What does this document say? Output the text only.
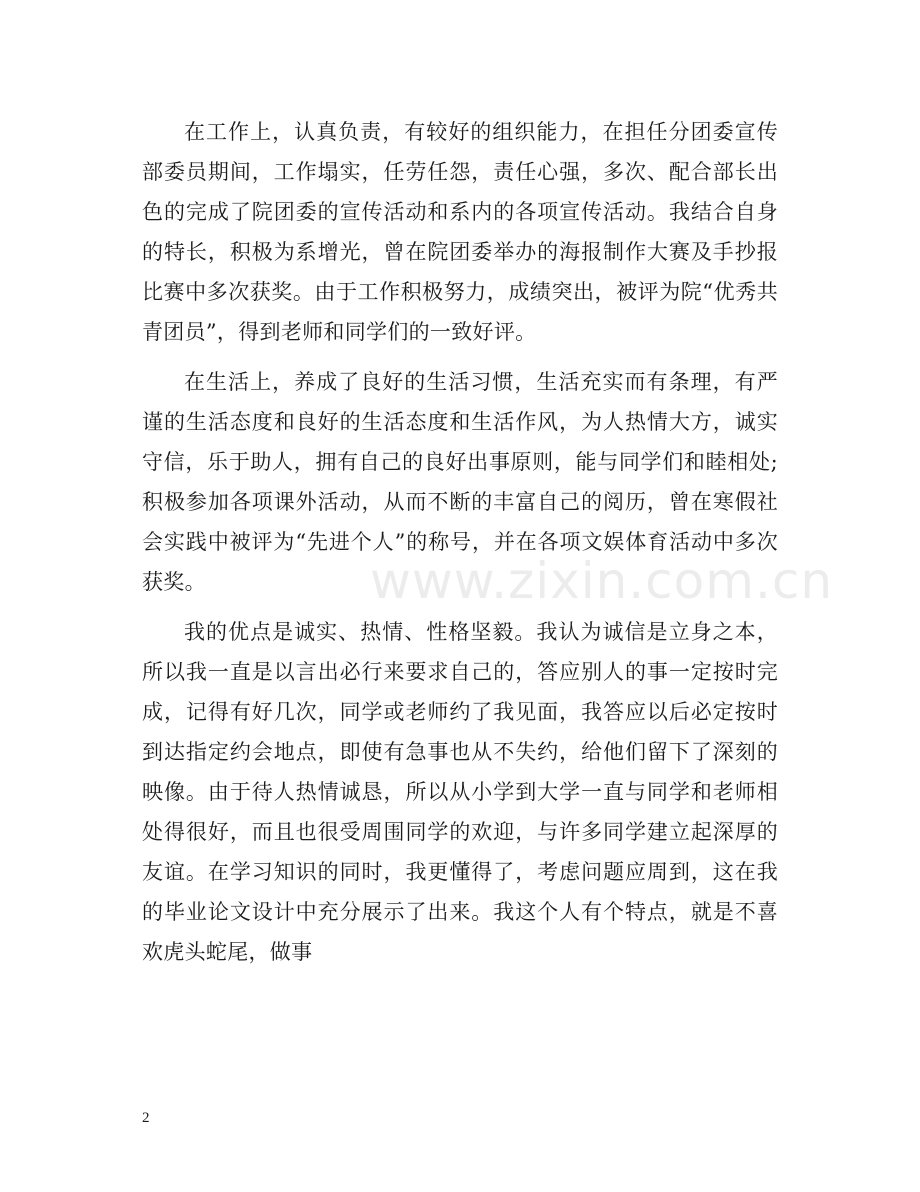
在工作上，认真负责，有较好的组织能力，在担任分团委宣传部委员期间，工作塌实，任劳任怨，责任心强，多次、配合部长出色的完成了院团委的宣传活动和系内的各项宣传活动。我结合自身的特长，积极为系增光，曾在院团委举办的海报制作大赛及手抄报比赛中多次获奖。由于工作积极努力，成绩突出，被评为院“优秀共青团员”，得到老师和同学们的一致好评。

在生活上，养成了良好的生活习惯，生活充实而有条理，有严谨的生活态度和良好的生活态度和生活作风，为人热情大方，诚实守信，乐于助人，拥有自己的良好出事原则，能与同学们和睦相处;积极参加各项课外活动，从而不断的丰富自己的阅历，曾在寒假社会实践中被评为“先进个人”的称号，并在各项文娱体育活动中多次获奖。

我的优点是诚实、热情、性格坚毅。我认为诚信是立身之本，所以我一直是以言出必行来要求自己的，答应别人的事一定按时完成，记得有好几次，同学或老师约了我见面，我答应以后必定按时到达指定约会地点，即使有急事也从不失约，给他们留下了深刻的映像。由于待人热情诚恳，所以从小学到大学一直与同学和老师相处得很好，而且也很受周围同学的欢迎，与许多同学建立起深厚的友谊。在学习知识的同时，我更懂得了，考虑问题应周到，这在我的毕业论文设计中充分展示了出来。我这个人有个特点，就是不喜欢虎头蛇尾，做事

www.zixin.com.cn
2
